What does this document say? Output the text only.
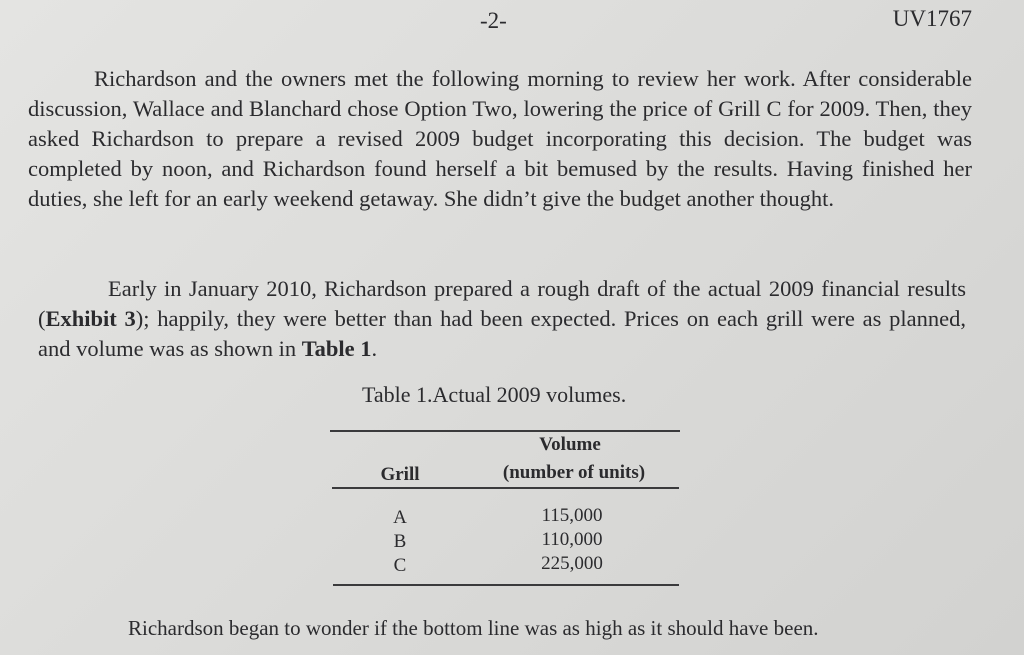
-2-	UV1767

Richardson and the owners met the following morning to review her work. After considerable discussion, Wallace and Blanchard chose Option Two, lowering the price of Grill C for 2009. Then, they asked Richardson to prepare a revised 2009 budget incorporating this decision. The budget was completed by noon, and Richardson found herself a bit bemused by the results. Having finished her duties, she left for an early weekend getaway. She didn’t give the budget another thought.

Early in January 2010, Richardson prepared a rough draft of the actual 2009 financial results (Exhibit 3); happily, they were better than had been expected. Prices on each grill were as planned, and volume was as shown in Table 1.

Table 1.Actual 2009 volumes.
Grill
Volume
(number of units)
A
B
C
115,000
110,000
225,000

Richardson began to wonder if the bottom line was as high as it should have been.
